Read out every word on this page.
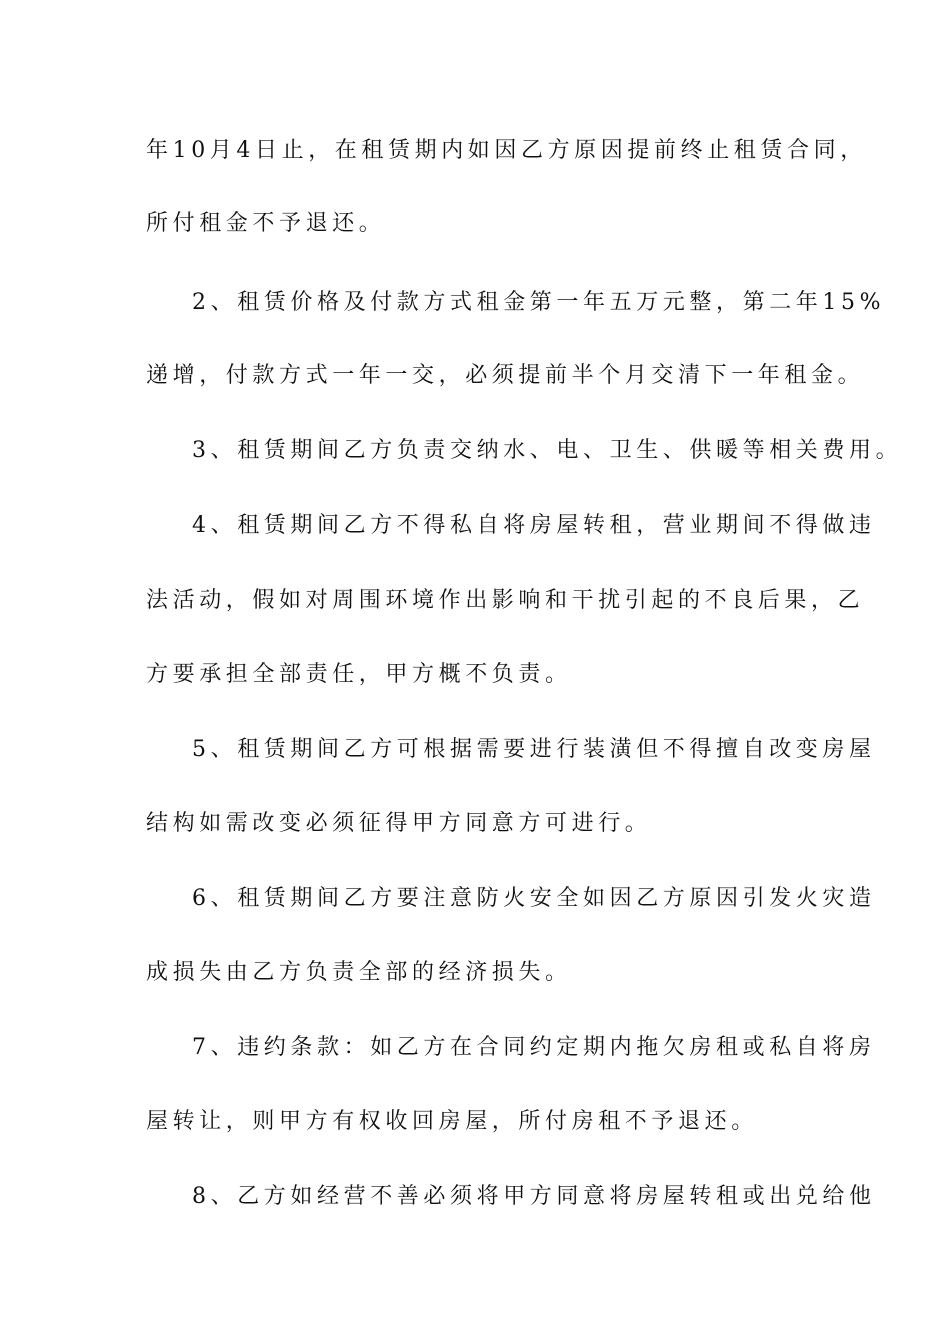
年10月4日止，在租赁期内如因乙方原因提前终止租赁合同，
所付租金不予退还。
2、租赁价格及付款方式租金第一年五万元整，第二年15%
递增，付款方式一年一交，必须提前半个月交清下一年租金。
3、租赁期间乙方负责交纳水、电、卫生、供暖等相关费用。
4、租赁期间乙方不得私自将房屋转租，营业期间不得做违
法活动，假如对周围环境作出影响和干扰引起的不良后果，乙
方要承担全部责任，甲方概不负责。
5、租赁期间乙方可根据需要进行装潢但不得擅自改变房屋
结构如需改变必须征得甲方同意方可进行。
6、租赁期间乙方要注意防火安全如因乙方原因引发火灾造
成损失由乙方负责全部的经济损失。
7、违约条款：如乙方在合同约定期内拖欠房租或私自将房
屋转让，则甲方有权收回房屋，所付房租不予退还。
8、乙方如经营不善必须将甲方同意将房屋转租或出兑给他
